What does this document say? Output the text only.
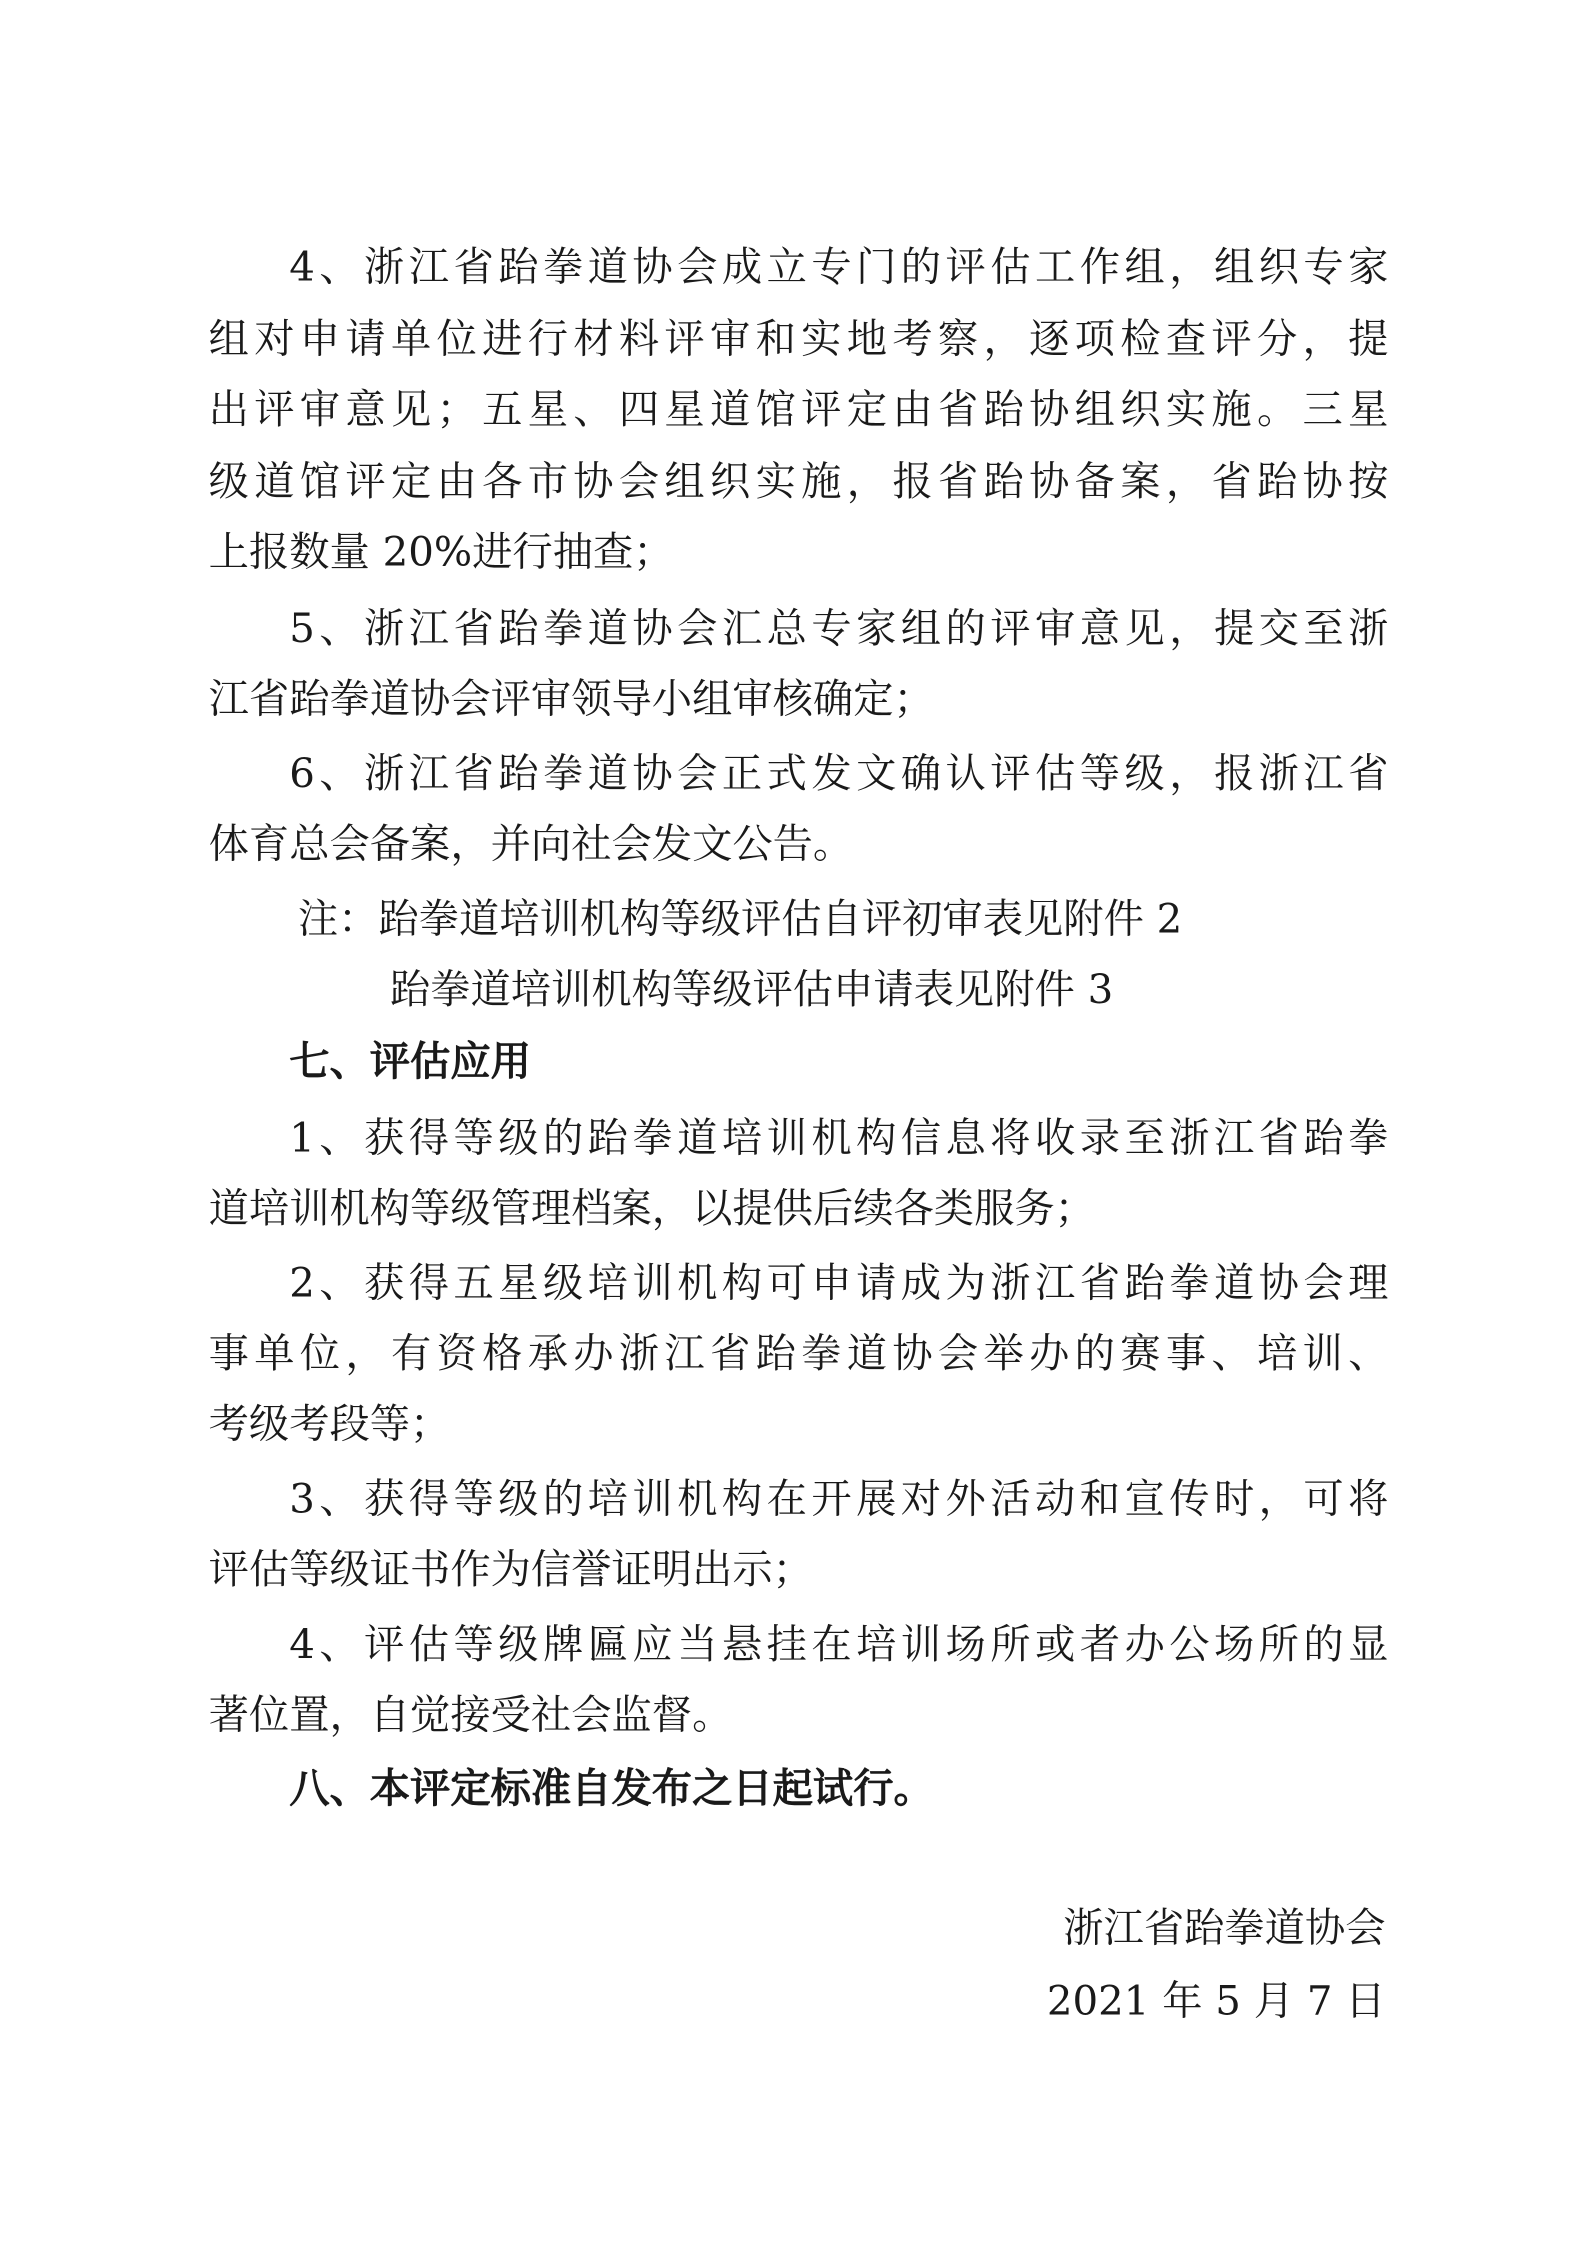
4、浙江省跆拳道协会成立专门的评估工作组，组织专家
组对申请单位进行材料评审和实地考察，逐项检查评分，提
出评审意见；五星、四星道馆评定由省跆协组织实施。三星
级道馆评定由各市协会组织实施，报省跆协备案，省跆协按
上报数量 20%进行抽查；
5、浙江省跆拳道协会汇总专家组的评审意见，提交至浙
江省跆拳道协会评审领导小组审核确定；
6、浙江省跆拳道协会正式发文确认评估等级，报浙江省
体育总会备案，并向社会发文公告。
注：跆拳道培训机构等级评估自评初审表见附件 2
跆拳道培训机构等级评估申请表见附件 3
七、评估应用
1、获得等级的跆拳道培训机构信息将收录至浙江省跆拳
道培训机构等级管理档案，以提供后续各类服务；
2、获得五星级培训机构可申请成为浙江省跆拳道协会理
事单位，有资格承办浙江省跆拳道协会举办的赛事、培训、
考级考段等；
3、获得等级的培训机构在开展对外活动和宣传时，可将
评估等级证书作为信誉证明出示；
4、评估等级牌匾应当悬挂在培训场所或者办公场所的显
著位置，自觉接受社会监督。
八、本评定标准自发布之日起试行。
浙江省跆拳道协会
2021 年 5 月 7 日
